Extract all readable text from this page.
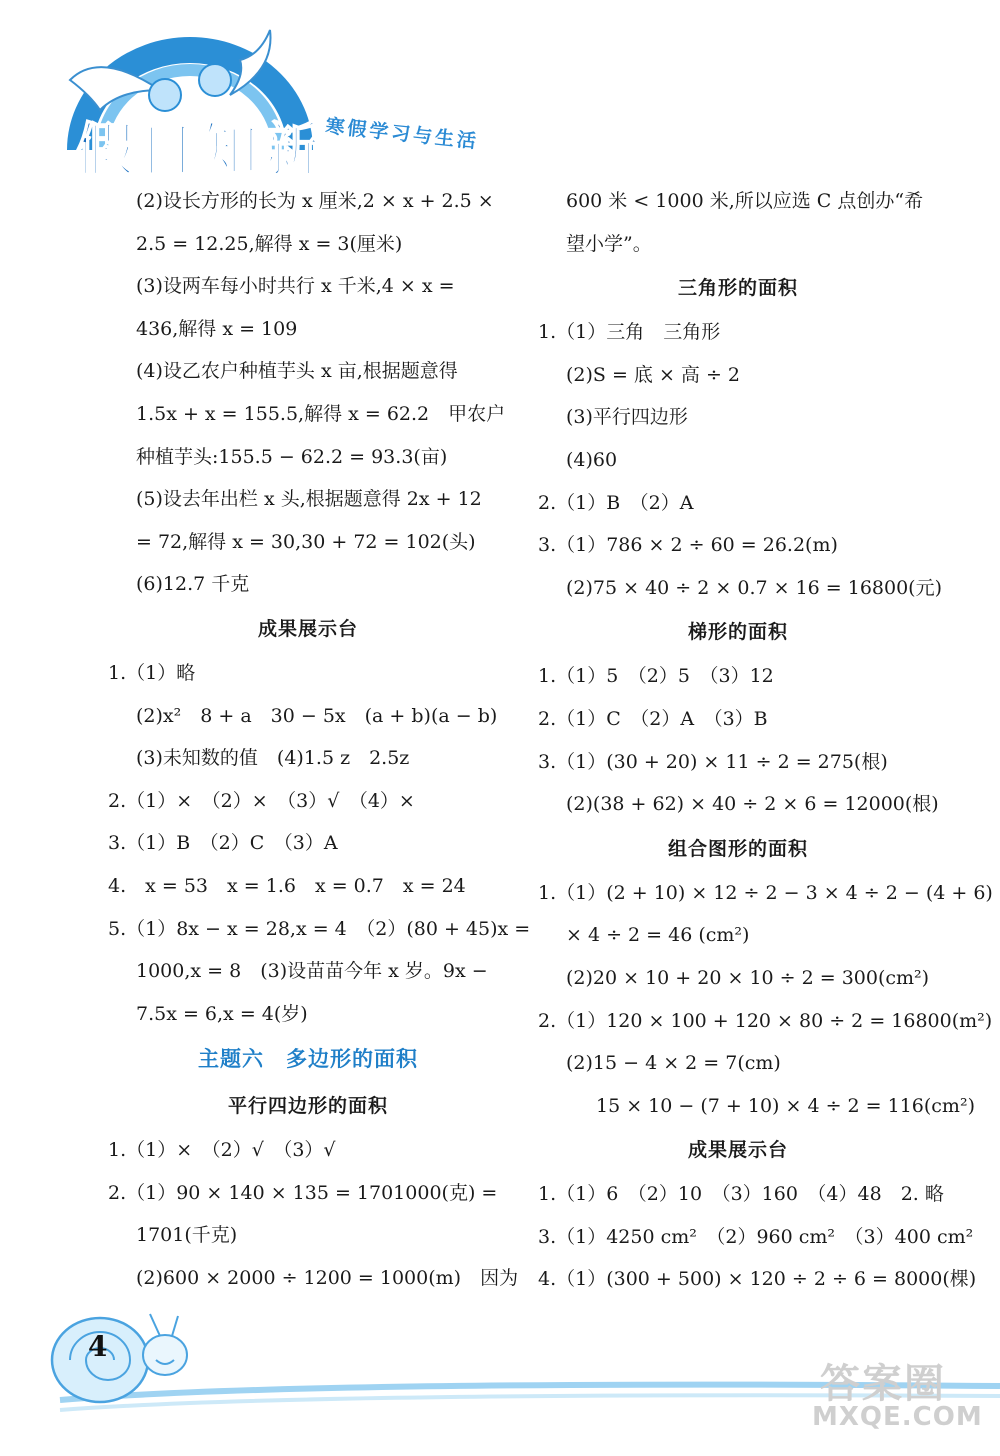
假日知新 寒假学习与生活
(2)设长方形的长为 x 厘米,2 × x + 2.5 ×
2.5 = 12.25,解得 x = 3(厘米)
(3)设两车每小时共行 x 千米,4 × x =
436,解得 x = 109
(4)设乙农户种植芋头 x 亩,根据题意得
1.5x + x = 155.5,解得 x = 62.2　甲农户
种植芋头:155.5 − 62.2 = 93.3(亩)
(5)设去年出栏 x 头,根据题意得 2x + 12
= 72,解得 x = 30,30 + 72 = 102(头)
(6)12.7 千克
成果展示台
1.（1）略
(2)x²　8 + a　30 − 5x　(a + b)(a − b)
(3)未知数的值　(4)1.5 z　2.5z
2.（1）×　（2）×　（3）√　（4）×
3.（1）B　（2）C　（3）A
4.　x = 53　x = 1.6　x = 0.7　x = 24
5.（1）8x − x = 28,x = 4　（2）(80 + 45)x =
1000,x = 8　(3)设苗苗今年 x 岁。9x −
7.5x = 6,x = 4(岁)
主题六　多边形的面积
平行四边形的面积
1.（1）×　（2）√　（3）√
2.（1）90 × 140 × 135 = 1701000(克) =
1701(千克)
(2)600 × 2000 ÷ 1200 = 1000(m)　因为
600 米 < 1000 米,所以应选 C 点创办“希
望小学”。
三角形的面积
1.（1）三角　三角形
(2)S = 底 × 高 ÷ 2
(3)平行四边形
(4)60
2.（1）B　（2）A
3.（1）786 × 2 ÷ 60 = 26.2(m)
(2)75 × 40 ÷ 2 × 0.7 × 16 = 16800(元)
梯形的面积
1.（1）5　（2）5　（3）12
2.（1）C　（2）A　（3）B
3.（1）(30 + 20) × 11 ÷ 2 = 275(根)
(2)(38 + 62) × 40 ÷ 2 × 6 = 12000(根)
组合图形的面积
1.（1）(2 + 10) × 12 ÷ 2 − 3 × 4 ÷ 2 − (4 + 6)
× 4 ÷ 2 = 46 (cm²)
(2)20 × 10 + 20 × 10 ÷ 2 = 300(cm²)
2.（1）120 × 100 + 120 × 80 ÷ 2 = 16800(m²)
(2)15 − 4 × 2 = 7(cm)
15 × 10 − (7 + 10) × 4 ÷ 2 = 116(cm²)
成果展示台
1.（1）6　（2）10　（3）160　（4）48　2. 略
3.（1）4250 cm²　（2）960 cm²　（3）400 cm²
4.（1）(300 + 500) × 120 ÷ 2 ÷ 6 = 8000(棵)
4
答案圈
MXQE.COM
